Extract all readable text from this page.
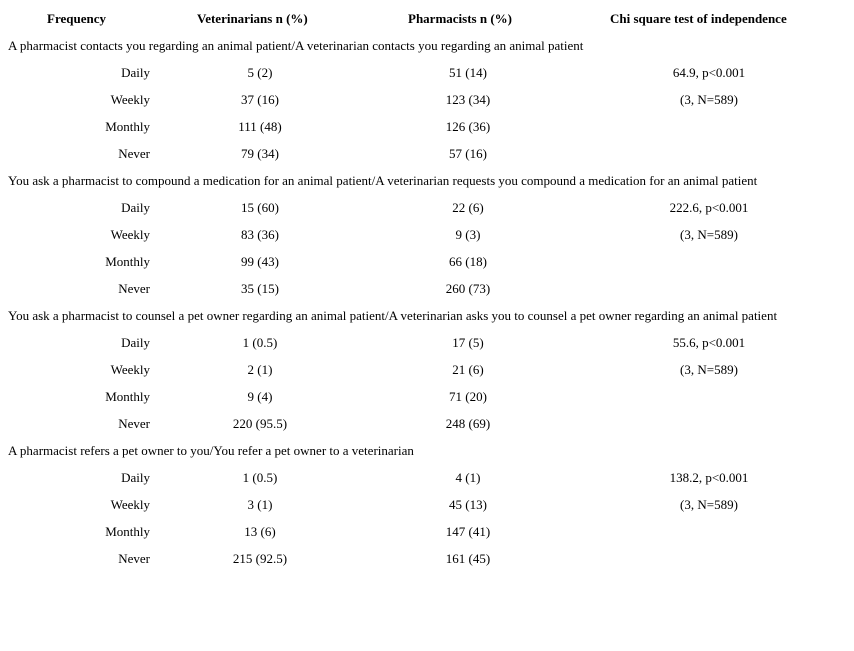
Frequency	Veterinarians n (%)	Pharmacists n (%)	Chi square test of independence
A pharmacist contacts you regarding an animal patient/A veterinarian contacts you regarding an animal patient
Daily	5 (2)	51 (14)	64.9, p<0.001
Weekly	37 (16)	123 (34)	(3, N=589)
Monthly	111 (48)	126 (36)
Never	79 (34)	57 (16)
You ask a pharmacist to compound a medication for an animal patient/A veterinarian requests you compound a medication for an animal patient
Daily	15 (60)	22 (6)	222.6, p<0.001
Weekly	83 (36)	9 (3)	(3, N=589)
Monthly	99 (43)	66 (18)
Never	35 (15)	260 (73)
You ask a pharmacist to counsel a pet owner regarding an animal patient/A veterinarian asks you to counsel a pet owner regarding an animal patient
Daily	1 (0.5)	17 (5)	55.6, p<0.001
Weekly	2 (1)	21 (6)	(3, N=589)
Monthly	9 (4)	71 (20)
Never	220 (95.5)	248 (69)
A pharmacist refers a pet owner to you/You refer a pet owner to a veterinarian
Daily	1 (0.5)	4 (1)	138.2, p<0.001
Weekly	3 (1)	45 (13)	(3, N=589)
Monthly	13 (6)	147 (41)
Never	215 (92.5)	161 (45)
